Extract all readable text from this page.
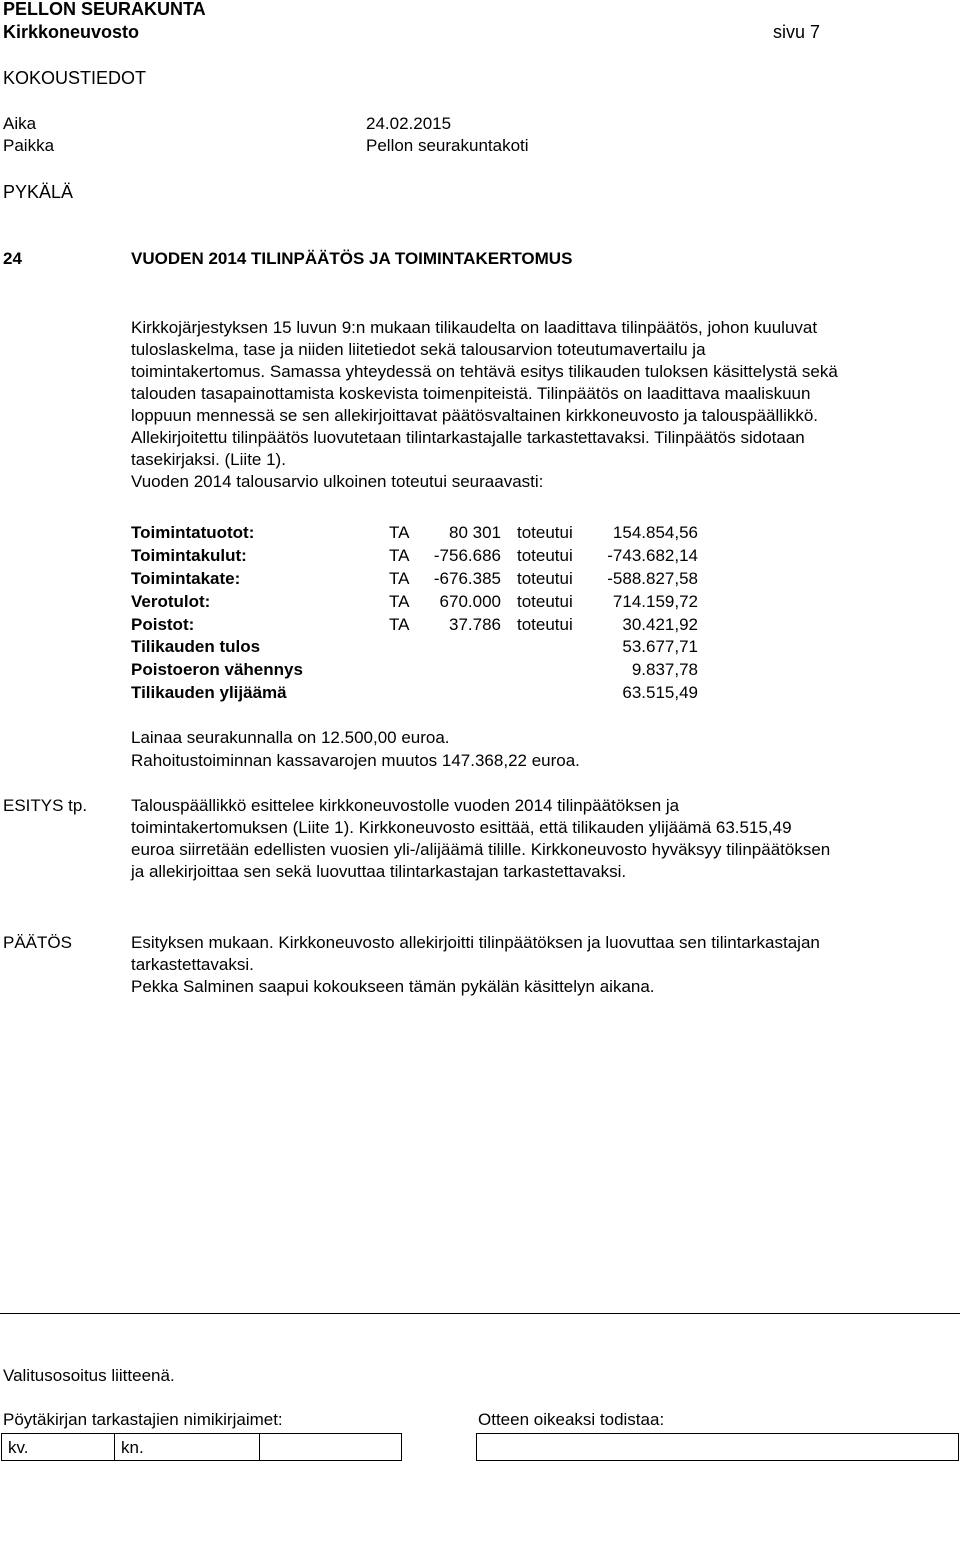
PELLON SEURAKUNTA
Kirkkoneuvosto	sivu 7
KOKOUSTIEDOT
Aika	24.02.2015
Paikka	Pellon seurakuntakoti
PYKÄLÄ
24	VUODEN 2014 TILINPÄÄTÖS JA TOIMINTAKERTOMUS

Kirkkojärjestyksen 15 luvun 9:n mukaan tilikaudelta on laadittava tilinpäätös, johon kuuluvat

tuloslaskelma, tase ja niiden liitetiedot sekä talousarvion toteutumavertailu ja

toimintakertomus. Samassa yhteydessä on tehtävä esitys tilikauden tuloksen käsittelystä sekä

talouden tasapainottamista koskevista toimenpiteistä. Tilinpäätös on laadittava maaliskuun

loppuun mennessä se sen allekirjoittavat päätösvaltainen kirkkoneuvosto ja talouspäällikkö.

Allekirjoitettu tilinpäätös luovutetaan tilintarkastajalle tarkastettavaksi. Tilinpäätös sidotaan

tasekirjaksi. (Liite 1).

Vuoden 2014 talousarvio ulkoinen toteutui seuraavasti:

Toimintatuotot:	TA	80 301 toteutui	154.854,56
Toimintakulut:	TA	-756.686 toteutui	-743.682,14
Toimintakate:	TA	-676.385 toteutui	-588.827,58
Verotulot:	TA	670.000 toteutui	714.159,72
Poistot:	TA	37.786 toteutui	30.421,92
Tilikauden tulos	53.677,71
Poistoeron vähennys	9.837,78
Tilikauden ylijäämä	63.515,49
Lainaa seurakunnalla on 12.500,00 euroa.
Rahoitustoiminnan kassavarojen muutos 147.368,22 euroa.
ESITYS tp.	Talouspäällikkö esittelee kirkkoneuvostolle vuoden 2014 tilinpäätöksen ja

toimintakertomuksen (Liite 1). Kirkkoneuvosto esittää, että tilikauden ylijäämä 63.515,49

euroa siirretään edellisten vuosien yli-/alijäämä tilille. Kirkkoneuvosto hyväksyy tilinpäätöksen

ja allekirjoittaa sen sekä luovuttaa tilintarkastajan tarkastettavaksi.

PÄÄTÖS	Esityksen mukaan. Kirkkoneuvosto allekirjoitti tilinpäätöksen ja luovuttaa sen tilintarkastajan

tarkastettavaksi.

Pekka Salminen saapui kokoukseen tämän pykälän käsittelyn aikana.

Valitusosoitus liitteenä.
Pöytäkirjan tarkastajien nimikirjaimet:	Otteen oikeaksi todistaa:
kv.	kn.
